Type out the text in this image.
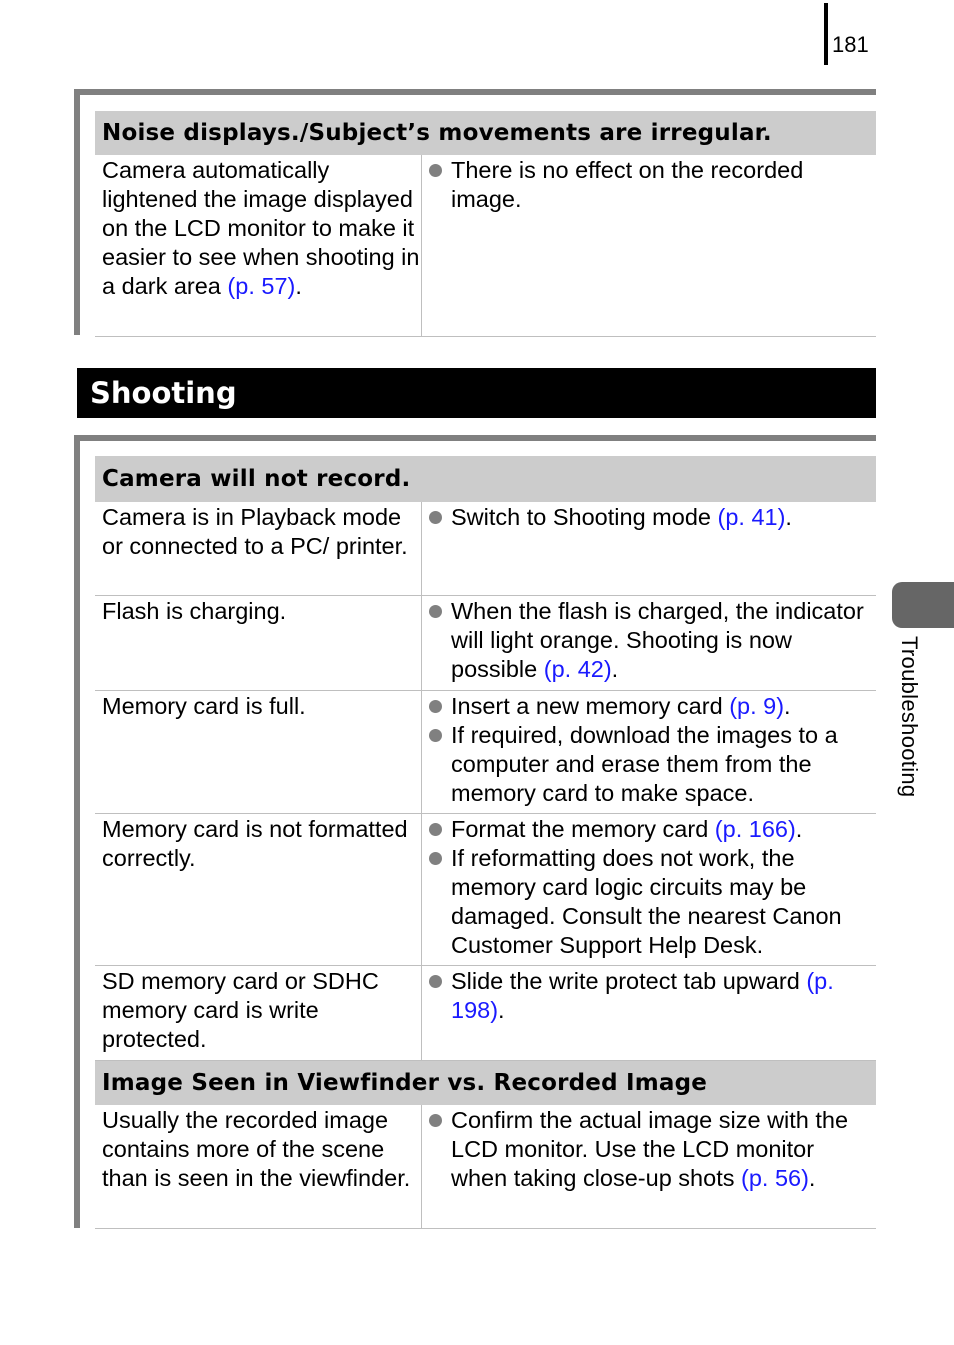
181
Noise displays./Subject’s movements are irregular.
Camera automatically lightened the image displayed on the LCD monitor to make it easier to see when shooting in a dark area (p. 57).
There is no effect on the recorded image.
Shooting
Camera will not record.
Camera is in Playback mode or connected to a PC/ printer.
Switch to Shooting mode (p. 41).
Flash is charging.	When the flash is charged, the indicator will light orange. Shooting is now possible (p. 42).
Memory card is full.	Insert a new memory card (p. 9).
If required, download the images to a computer and erase them from the memory card to make space.
Memory card is not formatted correctly.
Format the memory card (p. 166).
If reformatting does not work, the memory card logic circuits may be damaged. Consult the nearest Canon Customer Support Help Desk.
SD memory card or SDHC memory card is write protected.
Slide the write protect tab upward (p. 198).
Image Seen in Viewfinder vs. Recorded Image
Usually the recorded image contains more of the scene than is seen in the viewfinder.
Confirm the actual image size with the LCD monitor. Use the LCD monitor when taking close-up shots (p. 56).
Troubleshooting
